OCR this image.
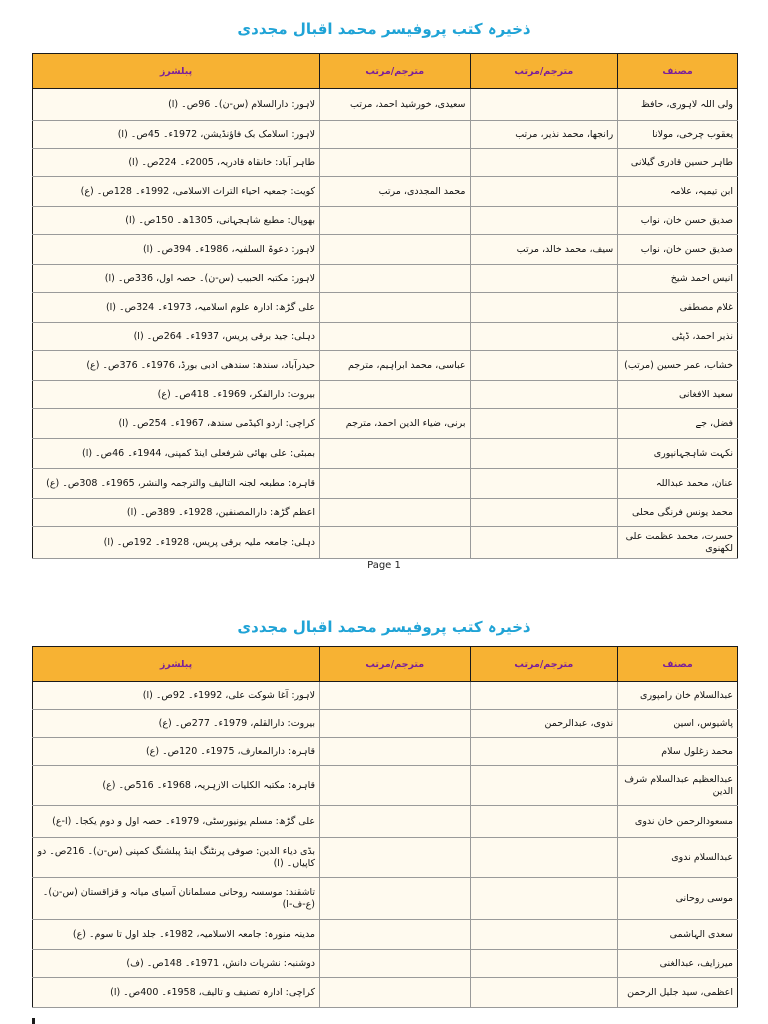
ذخیرہ کتب پروفیسر محمد اقبال مجددی
مصنف	مترجم/مرتب	مترجم/مرتب	پبلشرز
ولی اللہ لاہوری، حافظ		سعیدی، خورشید احمد، مرتب	لاہور: دارالسلام (س-ن)۔ 96ص۔ (ا)
یعقوب چرخی، مولانا	رانجھا، محمد نذیر، مرتب		لاہور: اسلامک بک فاؤنڈیشن، 1972ء۔ 45ص۔ (ا)
طاہر حسین قادری گیلانی			طاہر آباد: خانقاہ قادریہ، 2005ء۔ 224ص۔ (ا)
ابن تیمیہ، علامہ		محمد المجددی، مرتب	کویت: جمعیہ احیاء التراث الاسلامی، 1992ء۔ 128ص۔ (ع)
صدیق حسن خان، نواب			بھوپال: مطبع شاہجہانی، 1305ھ۔ 150ص۔ (ا)
صدیق حسن خان، نواب	سیف، محمد خالد، مرتب		لاہور: دعوۃ السلفیہ، 1986ء۔ 394ص۔ (ا)
انیس احمد شیخ			لاہور: مکتبہ الحبیب (س-ن)۔ حصہ اول، 336ص۔ (ا)
غلام مصطفی			علی گڑھ: ادارہ علوم اسلامیہ، 1973ء۔ 324ص۔ (ا)
نذیر احمد، ڈپٹی			دہلی: جید برقی پریس، 1937ء۔ 264ص۔ (ا)
خشاب، عمر حسین (مرتب)		عباسی، محمد ابراہیم، مترجم	حیدرآباد، سندھ: سندھی ادبی بورڈ، 1976ء۔ 376ص۔ (ع)
سعید الافغانی			بیروت: دارالفکر، 1969ء۔ 418ص۔ (ع)
فضل، جے		برنی، ضیاء الدین احمد، مترجم	کراچی: اردو اکیڈمی سندھ، 1967ء۔ 254ص۔ (ا)
نکہت شاہجہانپوری			بمبئی: علی بھائی شرفعلی اینڈ کمپنی، 1944ء۔ 46ص۔ (ا)
عنان، محمد عبداللہ			قاہرہ: مطبعہ لجنہ التالیف والترجمہ والنشر، 1965ء۔ 308ص۔ (ع)
محمد یونس فرنگی محلی			اعظم گڑھ: دارالمصنفین، 1928ء۔ 389ص۔ (ا)
حسرت، محمد عظمت علی لکھنوی			دہلی: جامعہ ملیہ برقی پریس، 1928ء۔ 192ص۔ (ا)
Page 1
ذخیرہ کتب پروفیسر محمد اقبال مجددی
مصنف	مترجم/مرتب	مترجم/مرتب	پبلشرز
عبدالسلام خان رامپوری			لاہور: آغا شوکت علی، 1992ء۔ 92ص۔ (ا)
پاشیوس، اسین	ندوی، عبدالرحمن		بیروت: دارالقلم، 1979ء۔ 277ص۔ (ع)
محمد زغلول سلام			قاہرہ: دارالمعارف، 1975ء۔ 120ص۔ (ع)
عبدالعظیم عبدالسلام شرف الدین			قاہرہ: مکتبہ الکلیات الازہریہ، 1968ء۔ 516ص۔ (ع)
مسعودالرحمن خان ندوی			علی گڑھ: مسلم یونیورسٹی، 1979ء۔ حصہ اول و دوم یکجا۔ (ا-ع)
عبدالسلام ندوی			بڈی دیاء الدین: صوفی پرنٹنگ اینڈ پبلشنگ کمپنی (س-ن)۔ 216ص۔ دو کاپیاں۔ (ا)
موسی روحانی			تاشقند: موسسہ روحانی مسلمانان آسیای میانہ و قزاقستان (س-ن)۔ (ع-ف-ا)
سعدی الہاشمی			مدینہ منورہ: جامعہ الاسلامیہ، 1982ء۔ جلد اول تا سوم۔ (ع)
میرزایف، عبدالغنی			دوشنبہ: نشریات دانش، 1971ء۔ 148ص۔ (ف)
اعظمی، سید جلیل الرحمن			کراچی: ادارہ تصنیف و تالیف، 1958ء۔ 400ص۔ (ا)
